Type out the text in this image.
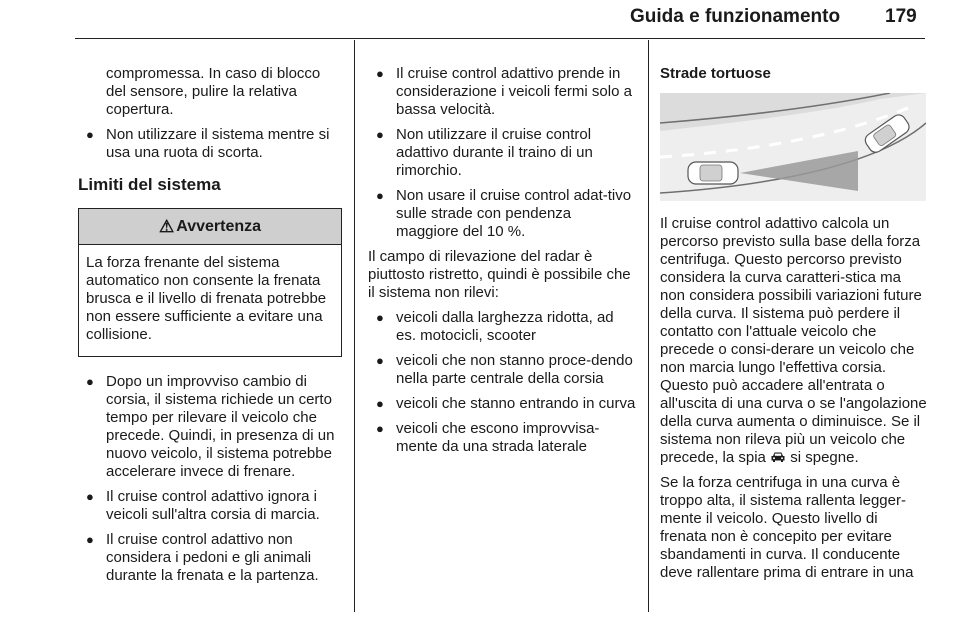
Guida e funzionamento 179
compromessa. In caso di blocco del sensore, pulire la relativa copertura.
● Non utilizzare il sistema mentre si usa una ruota di scorta.
Limiti del sistema
⚠ Avvertenza
La forza frenante del sistema automatico non consente la frenata brusca e il livello di frenata potrebbe non essere sufficiente a evitare una collisione.
● Dopo un improvviso cambio di corsia, il sistema richiede un certo tempo per rilevare il veicolo che precede. Quindi, in presenza di un nuovo veicolo, il sistema potrebbe accelerare invece di frenare.
● Il cruise control adattivo ignora i veicoli sull'altra corsia di marcia.
● Il cruise control adattivo non considera i pedoni e gli animali durante la frenata e la partenza.
● Il cruise control adattivo prende in considerazione i veicoli fermi solo a bassa velocità.
● Non utilizzare il cruise control adattivo durante il traino di un rimorchio.
● Non usare il cruise control adat-tivo sulle strade con pendenza maggiore del 10 %.

Il campo di rilevazione del radar è piuttosto ristretto, quindi è possibile che il sistema non rilevi:

● veicoli dalla larghezza ridotta, ad es. motocicli, scooter
● veicoli che non stanno proce-dendo nella parte centrale della corsia
● veicoli che stanno entrando in curva
● veicoli che escono improvvisa-mente da una strada laterale
Strade tortuose

Il cruise control adattivo calcola un percorso previsto sulla base della forza centrifuga. Questo percorso previsto considera la curva caratteri-stica ma non considera possibili variazioni future della curva. Il sistema può perdere il contatto con l'attuale veicolo che precede o consi-derare un veicolo che non marcia lungo l'effettiva corsia. Questo può accadere all'entrata o all'uscita di una curva o se l'angolazione della curva aumenta o diminuisce. Se il sistema non rileva più un veicolo che precede, la spia si spegne.

Se la forza centrifuga in una curva è troppo alta, il sistema rallenta legger-mente il veicolo. Questo livello di frenata non è concepito per evitare sbandamenti in curva. Il conducente deve rallentare prima di entrare in una
